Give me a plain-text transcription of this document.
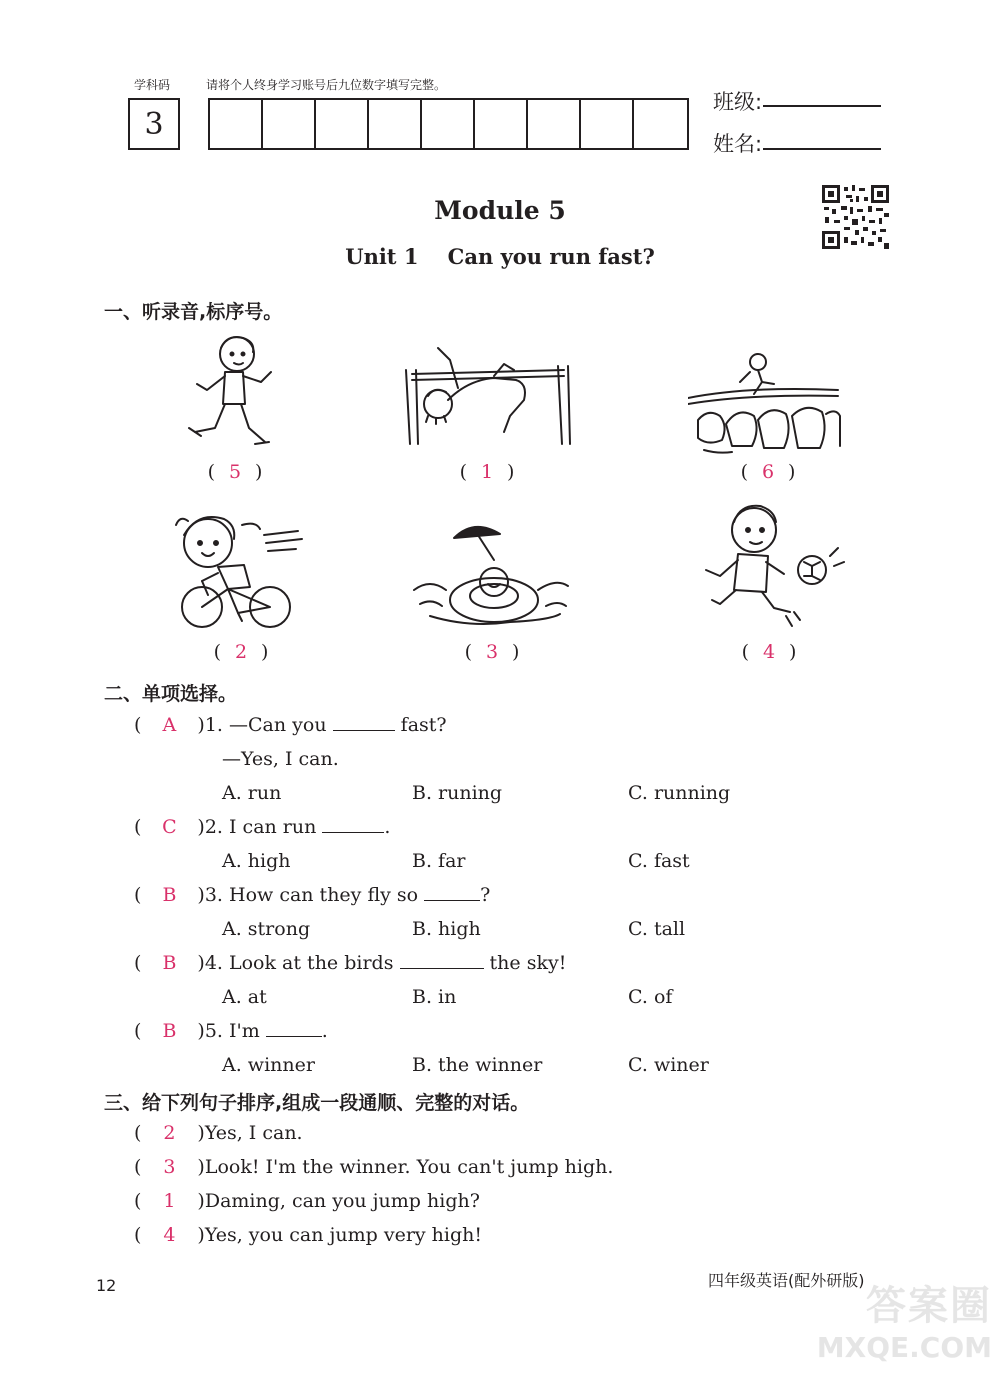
学科码	请将个人终身学习账号后九位数字填写完整。
3
班级:
姓名:
Module 5
Unit 1    Can you run fast?
一、听录音,标序号。
( 5 )	( 1 )	( 6 )
( 2 )	( 3 )	( 4 )
二、单项选择。
( A )1. —Can you	fast?
—Yes, I can.
A. run	B. runing	C. running
( C )2. I can run	.
A. high	B. far	C. fast
( B )3. How can they fly so	?
A. strong	B. high	C. tall
( B )4. Look at the birds	the sky!
A. at	B. in	C. of
( B )5. I'm	.
A. winner	B. the winner	C. winer
三、给下列句子排序,组成一段通顺、完整的对话。
( 2 )Yes, I can.
( 3 )Look! I'm the winner. You can't jump high.
( 1 )Daming, can you jump high?
( 4 )Yes, you can jump very high!
12	四年级英语(配外研版)
答案圈
MXQE.COM
